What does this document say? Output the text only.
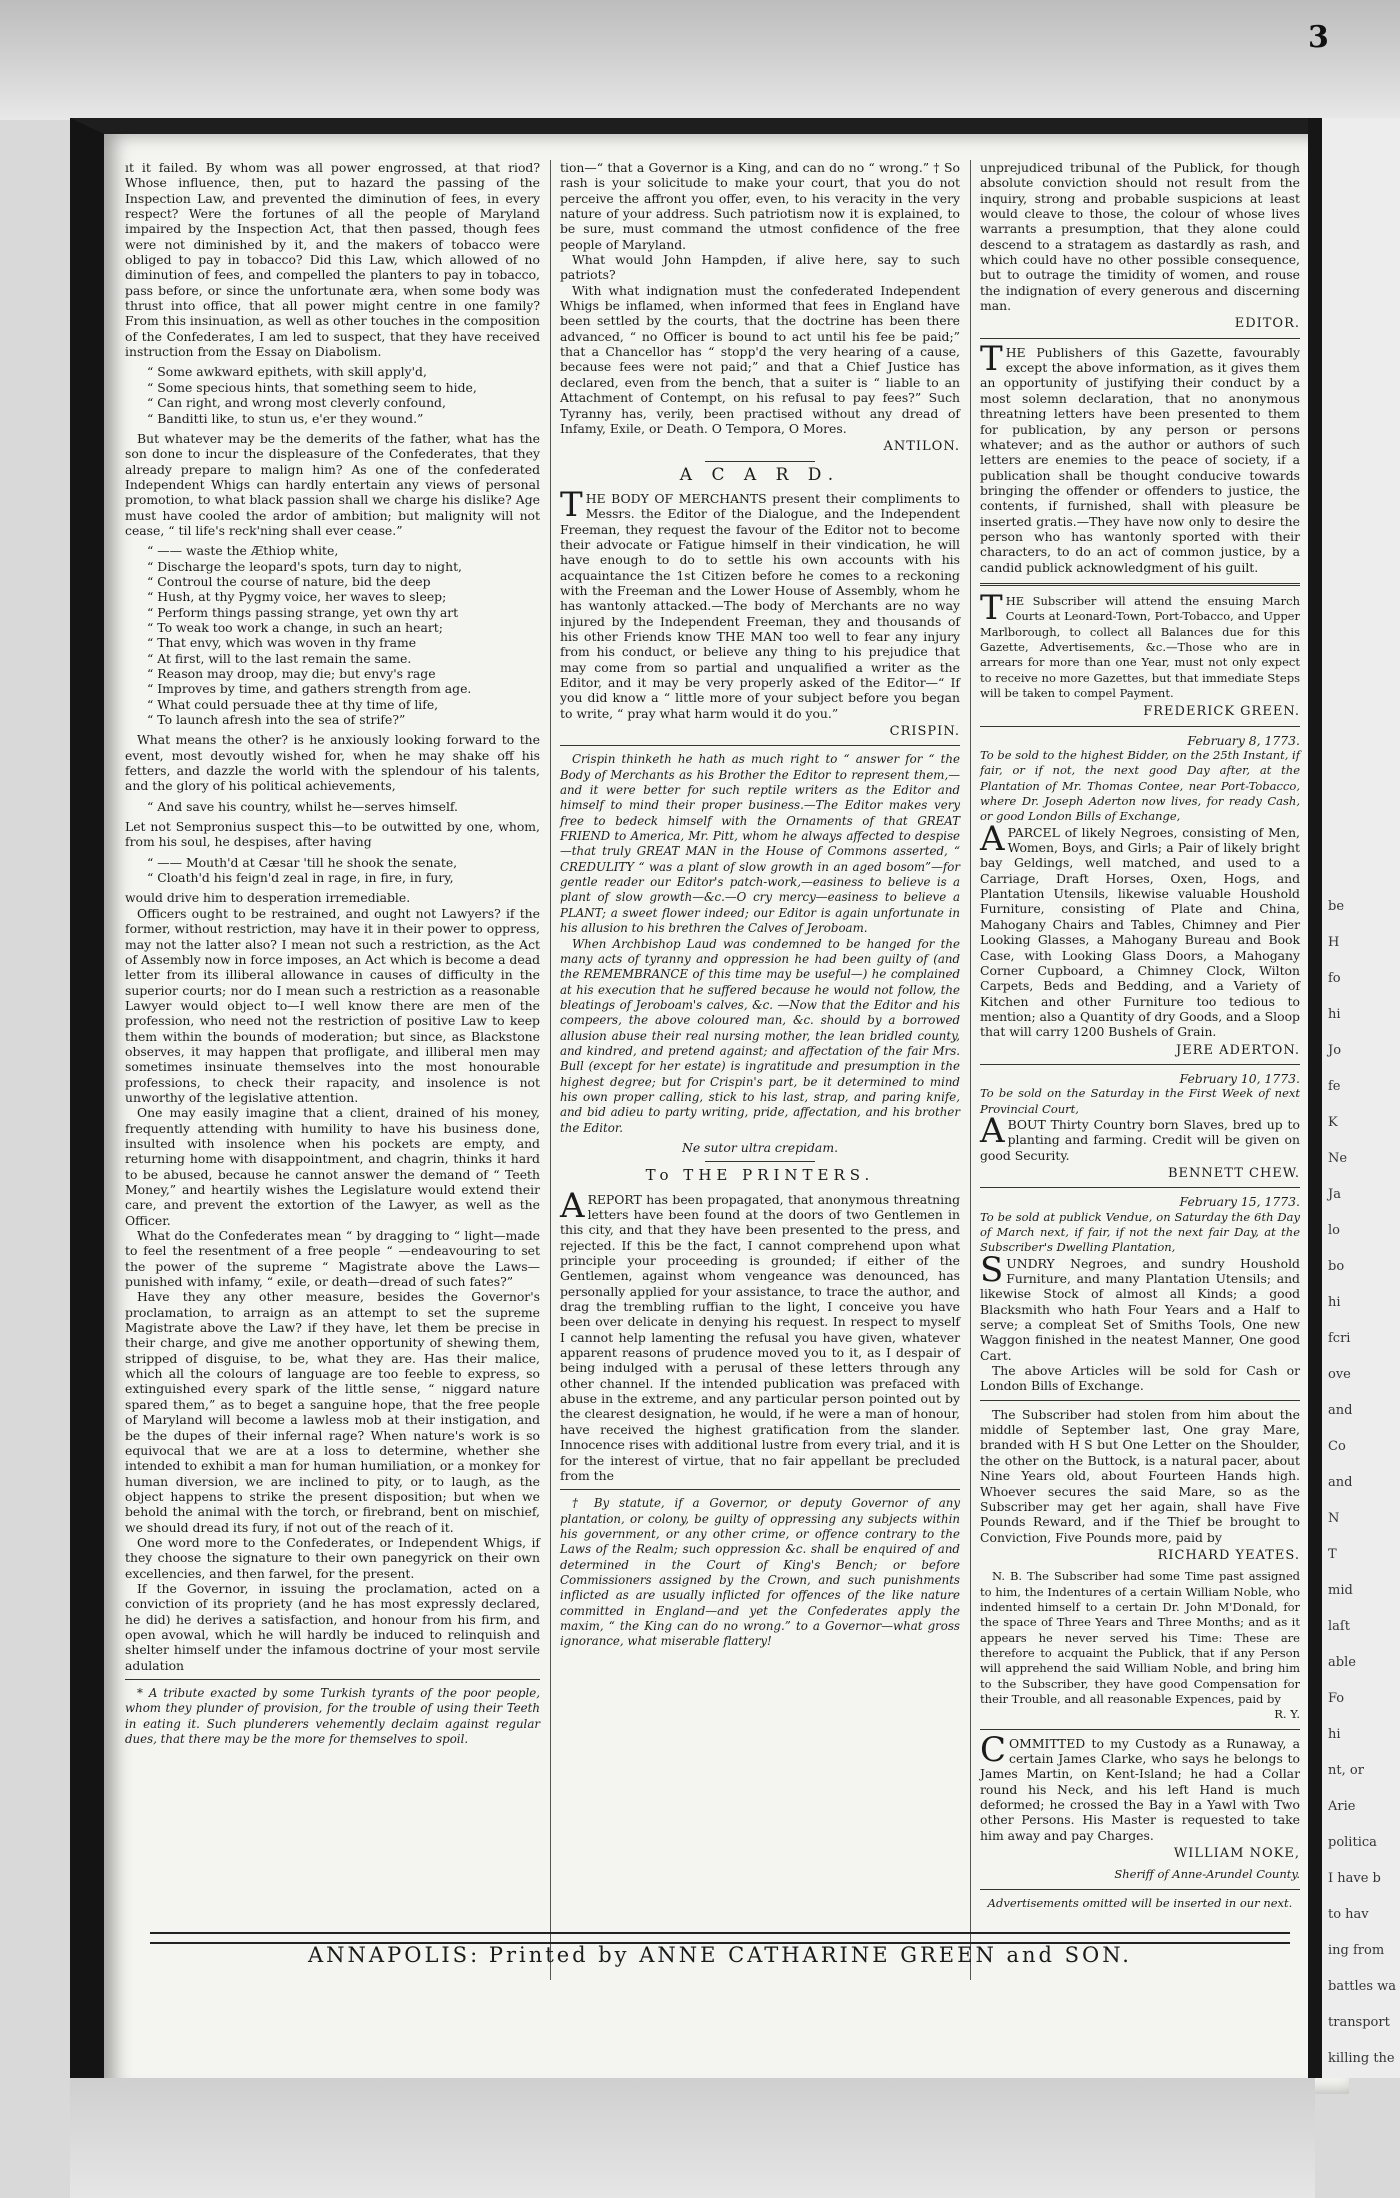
3
be
H
fo
hi
Jo
fe
K
Ne
Ja
lo
bo
hi
fcri
ove
and
Co
and
N
T
mid
laſt
able
Fo
hi
nt, or
Arie
politica
I have b
to hav
ing from
battles wa
transport
killing the

ıt it failed. By whom was all power engrossed, at that riod? Whose influence, then, put to hazard the passing of the Inspection Law, and prevented the diminution of fees, in every respect? Were the fortunes of all the people of Maryland impaired by the Inspection Act, that then passed, though fees were not diminished by it, and the makers of tobacco were obliged to pay in tobacco? Did this Law, which allowed of no diminution of fees, and compelled the planters to pay in tobacco, pass before, or since the unfortunate æra, when some body was thrust into office, that all power might centre in one family? From this insinuation, as well as other touches in the composition of the Confederates, I am led to suspect, that they have received instruction from the Essay on Diabolism.

“ Some awkward epithets, with skill apply'd,
“ Some specious hints, that something seem to hide,
“ Can right, and wrong most cleverly confound,
“ Banditti like, to stun us, e'er they wound.”

But whatever may be the demerits of the father, what has the son done to incur the displeasure of the Confederates, that they already prepare to malign him? As one of the confederated Independent Whigs can hardly entertain any views of personal promotion, to what black passion shall we charge his dislike? Age must have cooled the ardor of ambition; but malignity will not cease, “ til life's reck'ning shall ever cease.”

“ —— waste the Æthiop white,
“ Discharge the leopard's spots, turn day to night,
“ Controul the course of nature, bid the deep
“ Hush, at thy Pygmy voice, her waves to sleep;
“ Perform things passing strange, yet own thy art
“ To weak too work a change, in such an heart;
“ That envy, which was woven in thy frame
“ At first, will to the last remain the same.
“ Reason may droop, may die; but envy's rage
“ Improves by time, and gathers strength from age.
“ What could persuade thee at thy time of life,
“ To launch afresh into the sea of strife?”

What means the other? is he anxiously looking forward to the event, most devoutly wished for, when he may shake off his fetters, and dazzle the world with the splendour of his talents, and the glory of his political achievements,

“ And save his country, whilst he—serves himself.

Let not Sempronius suspect this—to be outwitted by one, whom, from his soul, he despises, after having

“ —— Mouth'd at Cæsar 'till he shook the senate,
“ Cloath'd his feign'd zeal in rage, in fire, in fury,

would drive him to desperation irremediable.

Officers ought to be restrained, and ought not Lawyers? if the former, without restriction, may have it in their power to oppress, may not the latter also? I mean not such a restriction, as the Act of Assembly now in force imposes, an Act which is become a dead letter from its illiberal allowance in causes of difficulty in the superior courts; nor do I mean such a restriction as a reasonable Lawyer would object to—I well know there are men of the profession, who need not the restriction of positive Law to keep them within the bounds of moderation; but since, as Blackstone observes, it may happen that profligate, and illiberal men may sometimes insinuate themselves into the most honourable professions, to check their rapacity, and insolence is not unworthy of the legislative attention.

One may easily imagine that a client, drained of his money, frequently attending with humility to have his business done, insulted with insolence when his pockets are empty, and returning home with disappointment, and chagrin, thinks it hard to be abused, because he cannot answer the demand of “ Teeth Money,” and heartily wishes the Legislature would extend their care, and prevent the extortion of the Lawyer, as well as the Officer.

What do the Confederates mean “ by dragging to “ light—made to feel the resentment of a free people “ —endeavouring to set the power of the supreme “ Magistrate above the Laws—punished with infamy, “ exile, or death—dread of such fates?”

Have they any other measure, besides the Governor's proclamation, to arraign as an attempt to set the supreme Magistrate above the Law? if they have, let them be precise in their charge, and give me another opportunity of shewing them, stripped of disguise, to be, what they are. Has their malice, which all the colours of language are too feeble to express, so extinguished every spark of the little sense, “ niggard nature spared them,” as to beget a sanguine hope, that the free people of Maryland will become a lawless mob at their instigation, and be the dupes of their infernal rage? When nature's work is so equivocal that we are at a loss to determine, whether she intended to exhibit a man for human humiliation, or a monkey for human diversion, we are inclined to pity, or to laugh, as the object happens to strike the present disposition; but when we behold the animal with the torch, or firebrand, bent on mischief, we should dread its fury, if not out of the reach of it.

One word more to the Confederates, or Independent Whigs, if they choose the signature to their own panegyrick on their own excellencies, and then farwel, for the present.

If the Governor, in issuing the proclamation, acted on a conviction of its propriety (and he has most expressly declared, he did) he derives a satisfaction, and honour from his firm, and open avowal, which he will hardly be induced to relinquish and shelter himself under the infamous doctrine of your most servile adulation

* A tribute exacted by some Turkish tyrants of the poor people, whom they plunder of provision, for the trouble of using their Teeth in eating it. Such plunderers vehemently declaim against regular dues, that there may be the more for themselves to spoil.

tion—“ that a Governor is a King, and can do no “ wrong.” † So rash is your solicitude to make your court, that you do not perceive the affront you offer, even, to his veracity in the very nature of your address. Such patriotism now it is explained, to be sure, must command the utmost confidence of the free people of Maryland.

What would John Hampden, if alive here, say to such patriots?

With what indignation must the confederated Independent Whigs be inflamed, when informed that fees in England have been settled by the courts, that the doctrine has been there advanced, “ no Officer is bound to act until his fee be paid;” that a Chancellor has “ stopp'd the very hearing of a cause, because fees were not paid;” and that a Chief Justice has declared, even from the bench, that a suiter is “ liable to an Attachment of Contempt, on his refusal to pay fees?” Such Tyranny has, verily, been practised without any dread of Infamy, Exile, or Death. O Tempora, O Mores.

ANTILON.
A C A R D.

THE BODY OF MERCHANTS present their compliments to Messrs. the Editor of the Dialogue, and the Independent Freeman, they request the favour of the Editor not to become their advocate or Fatigue himself in their vindication, he will have enough to do to settle his own accounts with his acquaintance the 1st Citizen before he comes to a reckoning with the Freeman and the Lower House of Assembly, whom he has wantonly attacked.—The body of Merchants are no way injured by the Independent Freeman, they and thousands of his other Friends know THE MAN too well to fear any injury from his conduct, or believe any thing to his prejudice that may come from so partial and unqualified a writer as the Editor, and it may be very properly asked of the Editor—“ If you did know a “ little more of your subject before you began to write, “ pray what harm would it do you.”

CRISPIN.

Crispin thinketh he hath as much right to “ answer for “ the Body of Merchants as his Brother the Editor to represent them,—and it were better for such reptile writers as the Editor and himself to mind their proper business.—The Editor makes very free to bedeck himself with the Ornaments of that GREAT FRIEND to America, Mr. Pitt, whom he always affected to despise—that truly GREAT MAN in the House of Commons asserted, “ CREDULITY “ was a plant of slow growth in an aged bosom”—for gentle reader our Editor's patch-work,—easiness to believe is a plant of slow growth—&c.—O cry mercy—easiness to believe a PLANT; a sweet flower indeed; our Editor is again unfortunate in his allusion to his brethren the Calves of Jeroboam.

When Archbishop Laud was condemned to be hanged for the many acts of tyranny and oppression he had been guilty of (and the REMEMBRANCE of this time may be useful—) he complained at his execution that he suffered because he would not follow, the bleatings of Jeroboam's calves, &c. —Now that the Editor and his compeers, the above coloured man, &c. should by a borrowed allusion abuse their real nursing mother, the lean bridled county, and kindred, and pretend against; and affectation of the fair Mrs. Bull (except for her estate) is ingratitude and presumption in the highest degree; but for Crispin's part, be it determined to mind his own proper calling, stick to his last, strap, and paring knife, and bid adieu to party writing, pride, affectation, and his brother the Editor.

Ne sutor ultra crepidam.
To THE PRINTERS.

AREPORT has been propagated, that anonymous threatning letters have been found at the doors of two Gentlemen in this city, and that they have been presented to the press, and rejected. If this be the fact, I cannot comprehend upon what principle your proceeding is grounded; if either of the Gentlemen, against whom vengeance was denounced, has personally applied for your assistance, to trace the author, and drag the trembling ruffian to the light, I conceive you have been over delicate in denying his request. In respect to myself I cannot help lamenting the refusal you have given, whatever apparent reasons of prudence moved you to it, as I despair of being indulged with a perusal of these letters through any other channel. If the intended publication was prefaced with abuse in the extreme, and any particular person pointed out by the clearest designation, he would, if he were a man of honour, have received the highest gratification from the slander. Innocence rises with additional lustre from every trial, and it is for the interest of virtue, that no fair appellant be precluded from the

† By statute, if a Governor, or deputy Governor of any plantation, or colony, be guilty of oppressing any subjects within his government, or any other crime, or offence contrary to the Laws of the Realm; such oppression &c. shall be enquired of and determined in the Court of King's Bench; or before Commissioners assigned by the Crown, and such punishments inflicted as are usually inflicted for offences of the like nature committed in England—and yet the Confederates apply the maxim, “ the King can do no wrong.” to a Governor—what gross ignorance, what miserable flattery!

unprejudiced tribunal of the Publick, for though absolute conviction should not result from the inquiry, strong and probable suspicions at least would cleave to those, the colour of whose lives warrants a presumption, that they alone could descend to a stratagem as dastardly as rash, and which could have no other possible consequence, but to outrage the timidity of women, and rouse the indignation of every generous and discerning man.

EDITOR.

THE Publishers of this Gazette, favourably except the above information, as it gives them an opportunity of justifying their conduct by a most solemn declaration, that no anonymous threatning letters have been presented to them for publication, by any person or persons whatever; and as the author or authors of such letters are enemies to the peace of society, if a publication shall be thought conducive towards bringing the offender or offenders to justice, the contents, if furnished, shall with pleasure be inserted gratis.—They have now only to desire the person who has wantonly sported with their characters, to do an act of common justice, by a candid publick acknowledgment of his guilt.

THE Subscriber will attend the ensuing March Courts at Leonard-Town, Port-Tobacco, and Upper Marlborough, to collect all Balances due for this Gazette, Advertisements, &c.—Those who are in arrears for more than one Year, must not only expect to receive no more Gazettes, but that immediate Steps will be taken to compel Payment.

FREDERICK GREEN.
February 8, 1773.

To be sold to the highest Bidder, on the 25th Instant, if fair, or if not, the next good Day after, at the Plantation of Mr. Thomas Contee, near Port-Tobacco, where Dr. Joseph Aderton now lives, for ready Cash, or good London Bills of Exchange,

APARCEL of likely Negroes, consisting of Men, Women, Boys, and Girls; a Pair of likely bright bay Geldings, well matched, and used to a Carriage, Draft Horses, Oxen, Hogs, and Plantation Utensils, likewise valuable Houshold Furniture, consisting of Plate and China, Mahogany Chairs and Tables, Chimney and Pier Looking Glasses, a Mahogany Bureau and Book Case, with Looking Glass Doors, a Mahogany Corner Cupboard, a Chimney Clock, Wilton Carpets, Beds and Bedding, and a Variety of Kitchen and other Furniture too tedious to mention; also a Quantity of dry Goods, and a Sloop that will carry 1200 Bushels of Grain.

JERE ADERTON.
February 10, 1773.

To be sold on the Saturday in the First Week of next Provincial Court,

ABOUT Thirty Country born Slaves, bred up to planting and farming. Credit will be given on good Security.

BENNETT CHEW.
February 15, 1773.

To be sold at publick Vendue, on Saturday the 6th Day of March next, if fair, if not the next fair Day, at the Subscriber's Dwelling Plantation,

SUNDRY Negroes, and sundry Houshold Furniture, and many Plantation Utensils; and likewise Stock of almost all Kinds; a good Blacksmith who hath Four Years and a Half to serve; a compleat Set of Smiths Tools, One new Waggon finished in the neatest Manner, One good Cart.

The above Articles will be sold for Cash or London Bills of Exchange.

The Subscriber had stolen from him about the middle of September last, One gray Mare, branded with H S but One Letter on the Shoulder, the other on the Buttock, is a natural pacer, about Nine Years old, about Fourteen Hands high. Whoever secures the said Mare, so as the Subscriber may get her again, shall have Five Pounds Reward, and if the Thief be brought to Conviction, Five Pounds more, paid by

RICHARD YEATES.

N. B. The Subscriber had some Time past assigned to him, the Indentures of a certain William Noble, who indented himself to a certain Dr. John M'Donald, for the space of Three Years and Three Months; and as it appears he never served his Time: These are therefore to acquaint the Publick, that if any Person will apprehend the said William Noble, and bring him to the Subscriber, they have good Compensation for their Trouble, and all reasonable Expences, paid by

R. Y.

COMMITTED to my Custody as a Runaway, a certain James Clarke, who says he belongs to James Martin, on Kent-Island; he had a Collar round his Neck, and his left Hand is much deformed; he crossed the Bay in a Yawl with Two other Persons. His Master is requested to take him away and pay Charges.

WILLIAM NOKE,
Sheriff of Anne-Arundel County.
Advertisements omitted will be inserted in our next.
ANNAPOLIS: Printed by ANNE CATHARINE GREEN and SON.
